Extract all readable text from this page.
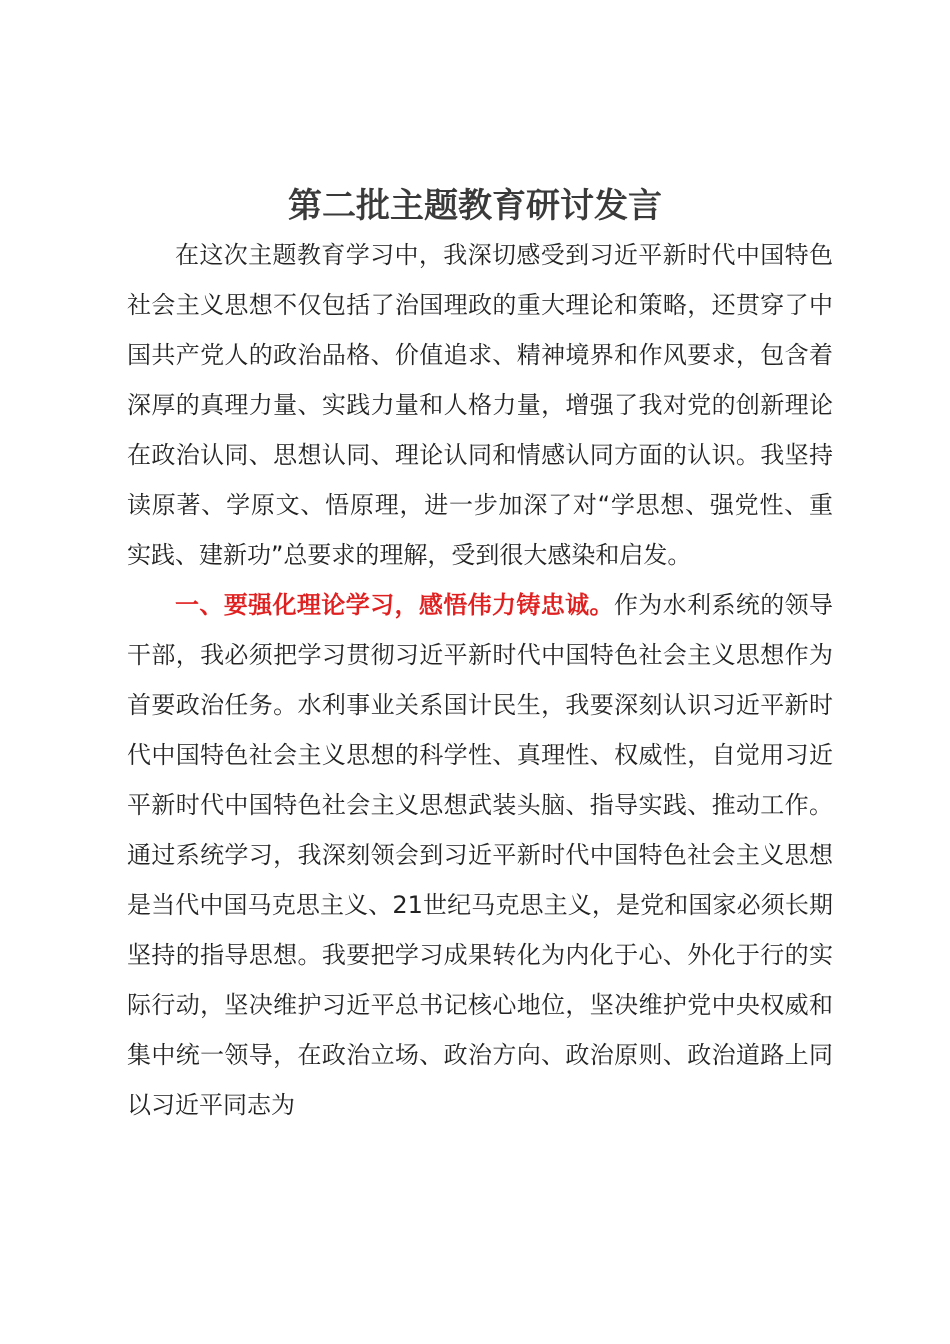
第二批主题教育研讨发言

在这次主题教育学习中，我深切感受到习近平新时代中国特色社会主义思想不仅包括了治国理政的重大理论和策略，还贯穿了中国共产党人的政治品格、价值追求、精神境界和作风要求，包含着深厚的真理力量、实践力量和人格力量，增强了我对党的创新理论在政治认同、思想认同、理论认同和情感认同方面的认识。我坚持读原著、学原文、悟原理，进一步加深了对“学思想、强党性、重实践、建新功”总要求的理解，受到很大感染和启发。

一、要强化理论学习，感悟伟力铸忠诚。作为水利系统的领导干部，我必须把学习贯彻习近平新时代中国特色社会主义思想作为首要政治任务。水利事业关系国计民生，我要深刻认识习近平新时代中国特色社会主义思想的科学性、真理性、权威性，自觉用习近平新时代中国特色社会主义思想武装头脑、指导实践、推动工作。通过系统学习，我深刻领会到习近平新时代中国特色社会主义思想是当代中国马克思主义、21世纪马克思主义，是党和国家必须长期坚持的指导思想。我要把学习成果转化为内化于心、外化于行的实际行动，坚决维护习近平总书记核心地位，坚决维护党中央权威和集中统一领导，在政治立场、政治方向、政治原则、政治道路上同以习近平同志为
